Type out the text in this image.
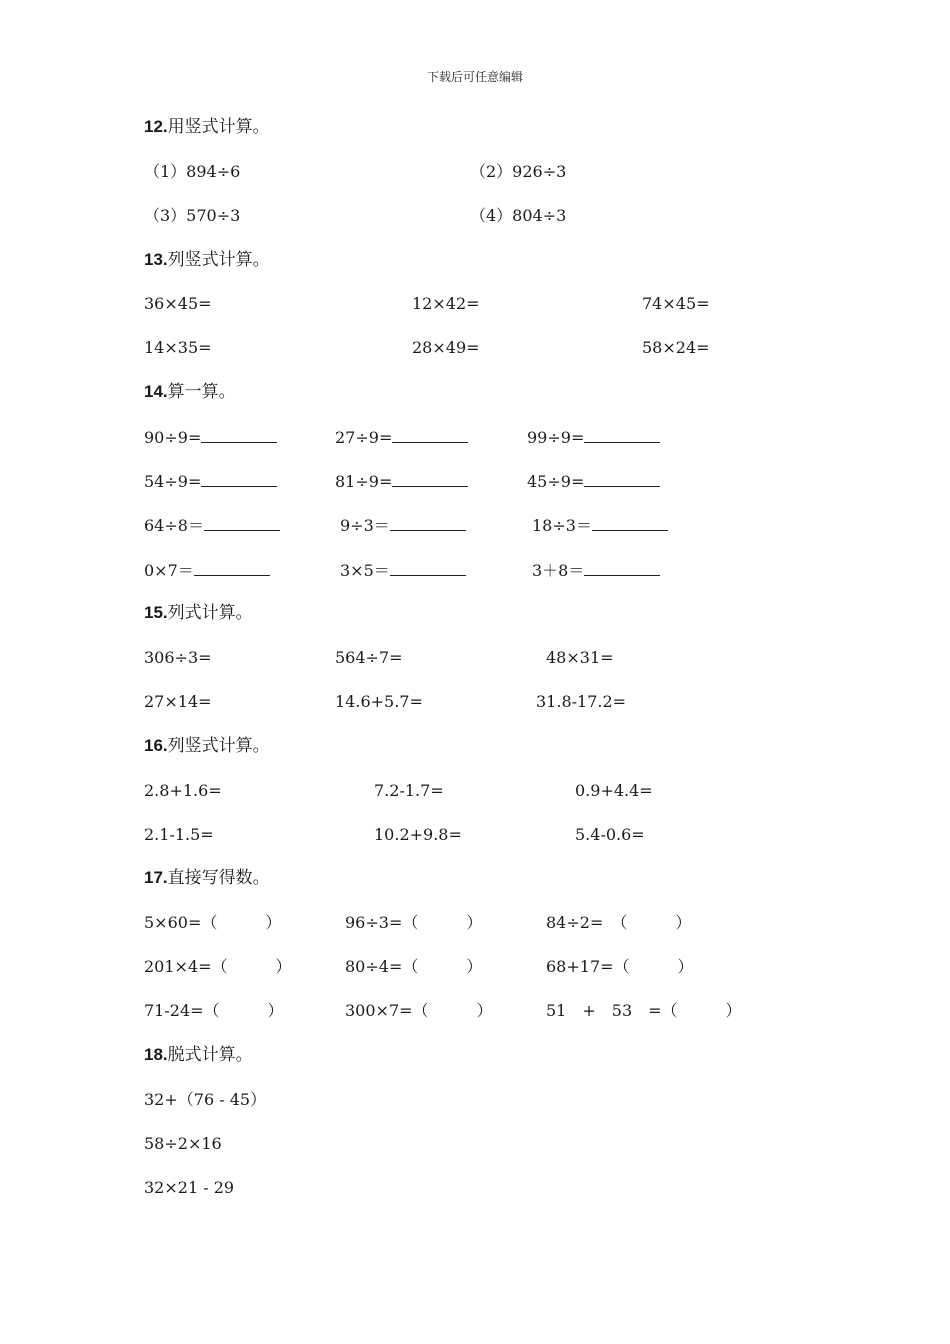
下载后可任意编辑
12.用竖式计算。
（1）894÷6	（2）926÷3
（3）570÷3	（4）804÷3
13.列竖式计算。
36×45=	12×42=	74×45=
14×35=	28×49=	58×24=
14.算一算。
90÷9=	27÷9=	99÷9=
54÷9=	81÷9=	45÷9=
64÷8＝	9÷3＝	18÷3＝
0×7＝	3×5＝	3＋8＝
15.列式计算。
306÷3=	564÷7=	48×31=
27×14=	14.6+5.7=	31.8-17.2=
16.列竖式计算。
2.8+1.6=	7.2-1.7=	0.9+4.4=
2.1-1.5=	10.2+9.8=	5.4-0.6=
17.直接写得数。
5×60=（　　　）	96÷3=（　　　）	84÷2=　（　　　）
201×4=（　　　）	80÷4=（　　　）	68+17=（　　　）
71-24=（　　　）	300×7=（　　　）	51　+　53　=（　　　）
18.脱式计算。
32+（76 - 45）
58÷2×16
32×21 - 29
